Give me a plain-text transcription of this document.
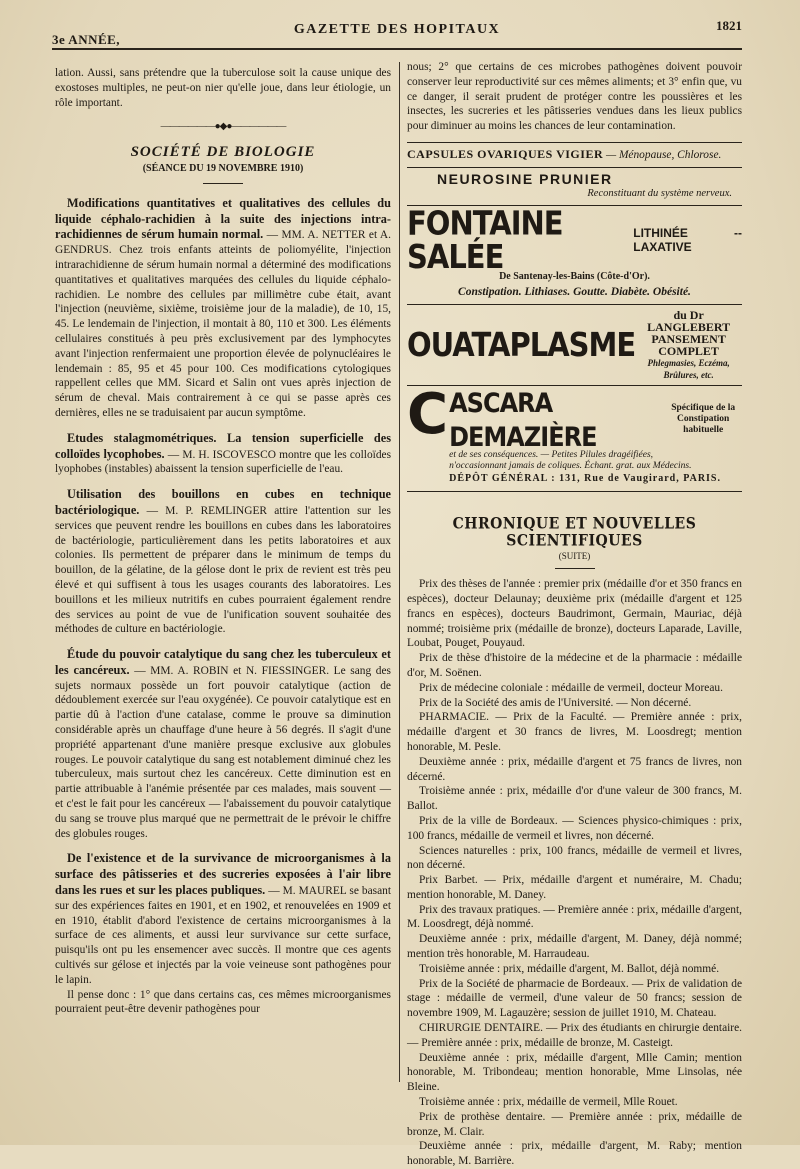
3e ANNÉE,
GAZETTE DES HOPITAUX	1821

lation. Aussi, sans prétendre que la tuberculose soit la cause unique des exostoses multiples, ne peut-on nier qu'elle joue, dans leur étiologie, un rôle important.

——————●◆●——————
SOCIÉTÉ DE BIOLOGIE
(SÉANCE DU 19 NOVEMBRE 1910)

Modifications quantitatives et qualitatives des cellules du liquide céphalo-rachidien à la suite des injections intra-rachidiennes de sérum humain normal. — MM. A. NETTER et A. GENDRUS. Chez trois enfants atteints de poliomyélite, l'injection intrarachidienne de sérum humain normal a déterminé des modifications quantitatives et qualitatives marquées des cellules du liquide céphalo-rachidien. Le nombre des cellules par millimètre cube était, avant l'injection (neuvième, sixième, troisième jour de la maladie), de 10, 15, 45. Le lendemain de l'injection, il montait à 80, 110 et 300. Les éléments cellulaires constitués à peu près exclusivement par des lymphocytes avant l'injection renfermaient une proportion élevée de polynucléaires le lendemain : 85, 95 et 45 pour 100. Ces modifications cytologiques rappellent celles que MM. Sicard et Salin ont vues après injection de sérum de cheval. Mais contrairement à ce qui se passe après ces dernières, elles ne se traduisaient par aucun symptôme.

Etudes stalagmométriques. La tension superficielle des colloïdes lycophobes. — M. H. ISCOVESCO montre que les colloïdes lyophobes (instables) abaissent la tension superficielle de l'eau.

Utilisation des bouillons en cubes en technique bactériologique. — M. P. REMLINGER attire l'attention sur les services que peuvent rendre les bouillons en cubes dans les laboratoires de bactériologie, particulièrement dans les petits laboratoires et aux colonies. Ils permettent de préparer dans le minimum de temps du bouillon, de la gélatine, de la gélose dont le prix de revient est très peu élevé et qui suffisent à tous les usages courants des laboratoires. Les bouillons et les milieux nutritifs en cubes pourraient également rendre des services au point de vue de l'unification souvent souhaitée des méthodes de culture en bactériologie.

Étude du pouvoir catalytique du sang chez les tuberculeux et les cancéreux. — MM. A. ROBIN et N. FIESSINGER. Le sang des sujets normaux possède un fort pouvoir catalytique (action de dédoublement exercée sur l'eau oxygénée). Ce pouvoir catalytique est en partie dû à l'action d'une catalase, comme le prouve sa diminution considérable après un chauffage d'une heure à 56 degrés. Il s'agit d'une propriété appartenant d'une manière presque exclusive aux globules rouges. Le pouvoir catalytique du sang est notablement diminué chez les tuberculeux, mais surtout chez les cancéreux. Cette diminution est en partie attribuable à l'anémie présentée par ces malades, mais souvent — et c'est le fait pour les cancéreux — l'abaissement du pouvoir catalytique du sang se trouve plus marqué que ne permettrait de le prévoir le chiffre des globules rouges.

De l'existence et de la survivance de microorganismes à la surface des pâtisseries et des sucreries exposées à l'air libre dans les rues et sur les places publiques. — M. MAUREL se basant sur des expériences faites en 1901, et en 1902, et renouvelées en 1909 et en 1910, établit d'abord l'existence de certains microorganismes à la surface de ces aliments, et aussi leur survivance sur cette surface, puisqu'ils ont pu les ensemencer avec succès. Il montre que ces agents cultivés sur gélose et injectés par la voie veineuse sont pathogènes pour le lapin.

Il pense donc : 1° que dans certains cas, ces mêmes microorganismes pourraient peut-être devenir pathogènes pour

nous; 2° que certains de ces microbes pathogènes doivent pouvoir conserver leur reproductivité sur ces mêmes aliments; et 3° enfin que, vu ce danger, il serait prudent de protéger contre les poussières et les insectes, les sucreries et les pâtisseries vendues dans les lieux publics pour diminuer au moins les chances de leur contamination.

CAPSULES OVARIQUES VIGIER — Ménopause, Chlorose.
NEUROSINE PRUNIER
Reconstituant du système nerveux.
FONTAINE SALÉE
LITHINÉE -- LAXATIVE
De Santenay-les-Bains (Côte-d'Or).
Constipation. Lithiases. Goutte. Diabète. Obésité.
OUATAPLASME
du Dr LANGLEBERT
PANSEMENT COMPLET
Phlegmasies, Eczéma, Brûlures, etc.
C ASCARA DEMAZIÈRE
Spécifique de la
Constipation habituelle
et de ses conséquences. — Petites Pilules dragéifiées,
n'occasionnant jamais de coliques. Échant. grat. aux Médecins.
DÉPÔT GÉNÉRAL : 131, Rue de Vaugirard, PARIS.
CHRONIQUE ET NOUVELLES SCIENTIFIQUES
(SUITE)

Prix des thèses de l'année : premier prix (médaille d'or et 350 francs en espèces), docteur Delaunay; deuxième prix (médaille d'argent et 125 francs en espèces), docteurs Baudrimont, Germain, Mauriac, déjà nommé; troisième prix (médaille de bronze), docteurs Laparade, Laville, Loubat, Pouget, Pouyaud.

Prix de thèse d'histoire de la médecine et de la pharmacie : médaille d'or, M. Soënen.

Prix de médecine coloniale : médaille de vermeil, docteur Moreau.

Prix de la Société des amis de l'Université. — Non décerné.

PHARMACIE. — Prix de la Faculté. — Première année : prix, médaille d'argent et 30 francs de livres, M. Loosdregt; mention honorable, M. Pesle.

Deuxième année : prix, médaille d'argent et 75 francs de livres, non décerné.

Troisième année : prix, médaille d'or d'une valeur de 300 francs, M. Ballot.

Prix de la ville de Bordeaux. — Sciences physico-chimiques : prix, 100 francs, médaille de vermeil et livres, non décerné.

Sciences naturelles : prix, 100 francs, médaille de vermeil et livres, non décerné.

Prix Barbet. — Prix, médaille d'argent et numéraire, M. Chadu; mention honorable, M. Daney.

Prix des travaux pratiques. — Première année : prix, médaille d'argent, M. Loosdregt, déjà nommé.

Deuxième année : prix, médaille d'argent, M. Daney, déjà nommé; mention très honorable, M. Harraudeau.

Troisième année : prix, médaille d'argent, M. Ballot, déjà nommé.

Prix de la Société de pharmacie de Bordeaux. — Prix de validation de stage : médaille de vermeil, d'une valeur de 50 francs; session de novembre 1909, M. Lagauzère; session de juillet 1910, M. Chateau.

CHIRURGIE DENTAIRE. — Prix des étudiants en chirurgie dentaire. — Première année : prix, médaille de bronze, M. Casteigt.

Deuxième année : prix, médaille d'argent, Mlle Camin; mention honorable, M. Tribondeau; mention honorable, Mme Linsolas, née Bleine.

Troisième année : prix, médaille de vermeil, Mlle Rouet.

Prix de prothèse dentaire. — Première année : prix, médaille de bronze, M. Clair.

Deuxième année : prix, médaille d'argent, M. Raby; mention honorable, M. Barrière.
